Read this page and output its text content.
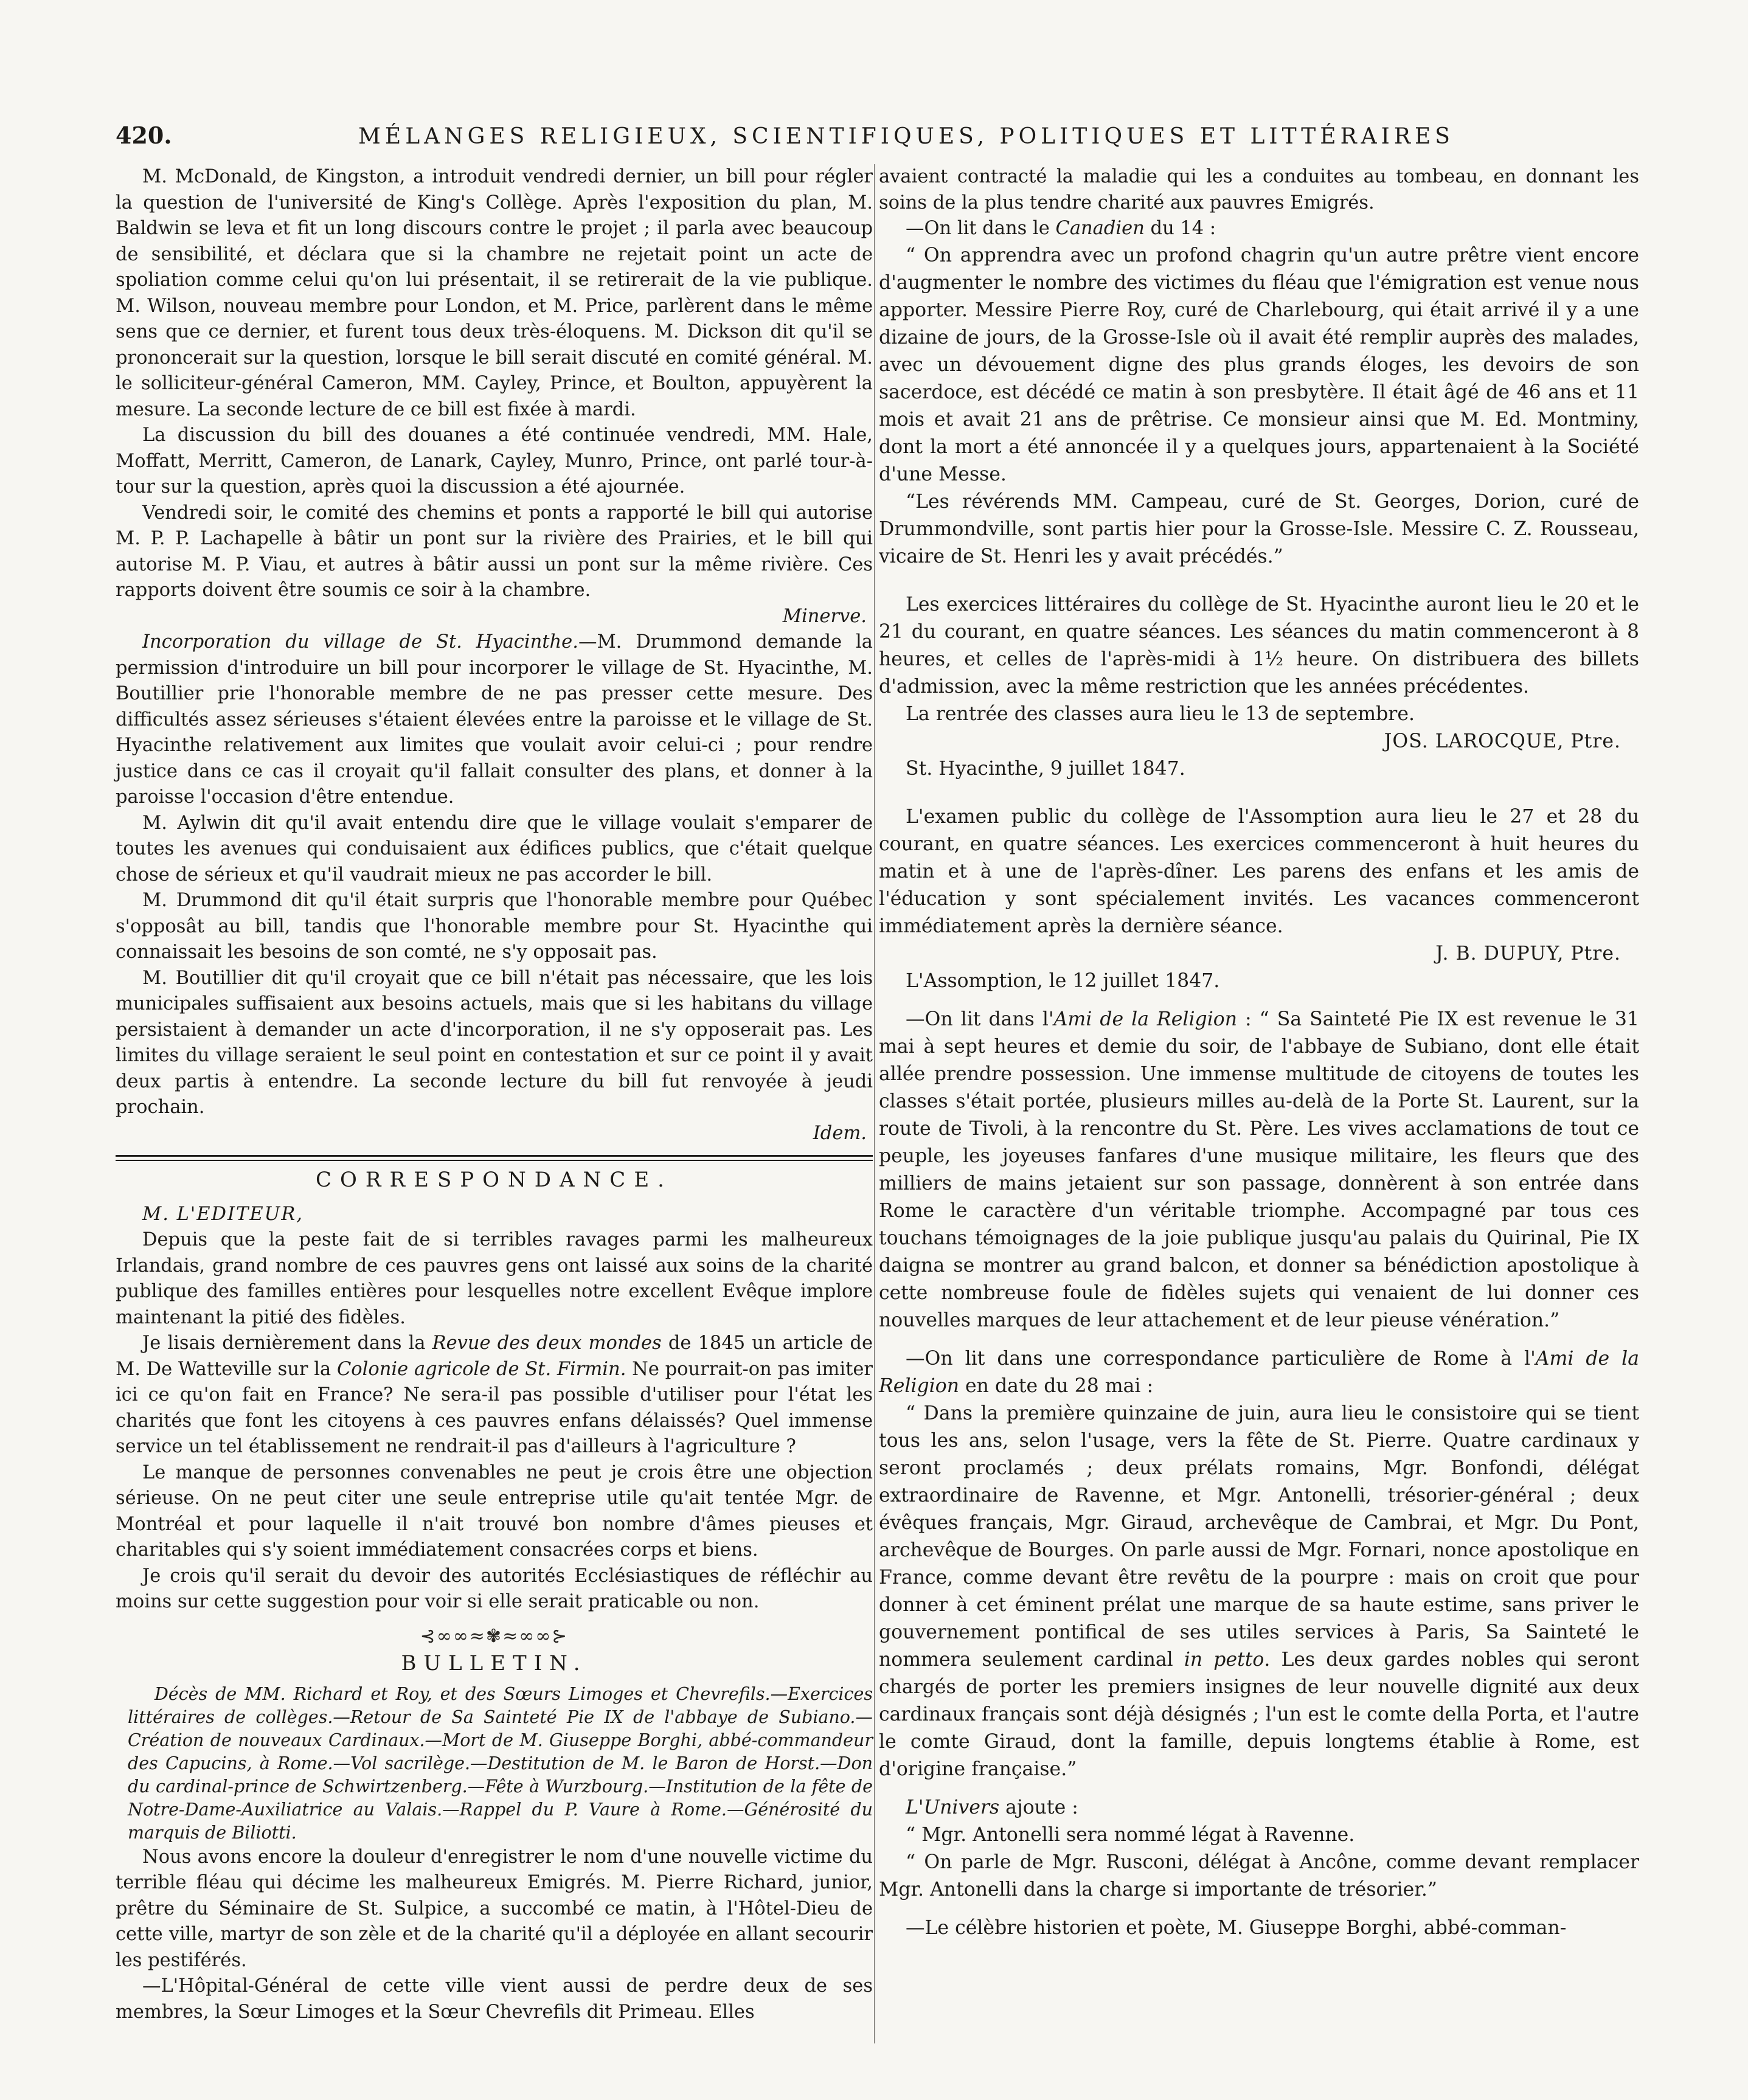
420.	MÉLANGES RELIGIEUX, SCIENTIFIQUES, POLITIQUES ET LITTÉRAIRES

M. McDonald, de Kingston, a introduit vendredi dernier, un bill pour régler la question de l'université de King's Collège. Après l'exposition du plan, M. Baldwin se leva et fit un long discours contre le projet ; il parla avec beaucoup de sensibilité, et déclara que si la chambre ne rejetait point un acte de spoliation comme celui qu'on lui présentait, il se retirerait de la vie publique. M. Wilson, nouveau membre pour London, et M. Price, parlèrent dans le même sens que ce dernier, et furent tous deux très-éloquens. M. Dickson dit qu'il se prononcerait sur la question, lorsque le bill serait discuté en comité général. M. le solliciteur-général Cameron, MM. Cayley, Prince, et Boulton, appuyèrent la mesure. La seconde lecture de ce bill est fixée à mardi.

La discussion du bill des douanes a été continuée vendredi, MM. Hale, Moffatt, Merritt, Cameron, de Lanark, Cayley, Munro, Prince, ont parlé tour-à-tour sur la question, après quoi la discussion a été ajournée.

Vendredi soir, le comité des chemins et ponts a rapporté le bill qui autorise M. P. P. Lachapelle à bâtir un pont sur la rivière des Prairies, et le bill qui autorise M. P. Viau, et autres à bâtir aussi un pont sur la même rivière. Ces rapports doivent être soumis ce soir à la chambre.

Minerve.

Incorporation du village de St. Hyacinthe.—M. Drummond demande la permission d'introduire un bill pour incorporer le village de St. Hyacinthe, M. Boutillier prie l'honorable membre de ne pas presser cette mesure. Des difficultés assez sérieuses s'étaient élevées entre la paroisse et le village de St. Hyacinthe relativement aux limites que voulait avoir celui-ci ; pour rendre justice dans ce cas il croyait qu'il fallait consulter des plans, et donner à la paroisse l'occasion d'être entendue.

M. Aylwin dit qu'il avait entendu dire que le village voulait s'emparer de toutes les avenues qui conduisaient aux édifices publics, que c'était quelque chose de sérieux et qu'il vaudrait mieux ne pas accorder le bill.

M. Drummond dit qu'il était surpris que l'honorable membre pour Québec s'opposât au bill, tandis que l'honorable membre pour St. Hyacinthe qui connaissait les besoins de son comté, ne s'y opposait pas.

M. Boutillier dit qu'il croyait que ce bill n'était pas nécessaire, que les lois municipales suffisaient aux besoins actuels, mais que si les habitans du village persistaient à demander un acte d'incorporation, il ne s'y opposerait pas. Les limites du village seraient le seul point en contestation et sur ce point il y avait deux partis à entendre. La seconde lecture du bill fut renvoyée à jeudi prochain.

Idem.

CORRESPONDANCE.

M. L'EDITEUR,

Depuis que la peste fait de si terribles ravages parmi les malheureux Irlandais, grand nombre de ces pauvres gens ont laissé aux soins de la charité publique des familles entières pour lesquelles notre excellent Evêque implore maintenant la pitié des fidèles.

Je lisais dernièrement dans la Revue des deux mondes de 1845 un article de M. De Watteville sur la Colonie agricole de St. Firmin. Ne pourrait-on pas imiter ici ce qu'on fait en France? Ne sera-il pas possible d'utiliser pour l'état les charités que font les citoyens à ces pauvres enfans délaissés? Quel immense service un tel établissement ne rendrait-il pas d'ailleurs à l'agriculture ?

Le manque de personnes convenables ne peut je crois être une objection sérieuse. On ne peut citer une seule entreprise utile qu'ait tentée Mgr. de Montréal et pour laquelle il n'ait trouvé bon nombre d'âmes pieuses et charitables qui s'y soient immédiatement consacrées corps et biens.

Je crois qu'il serait du devoir des autorités Ecclésiastiques de réfléchir au moins sur cette suggestion pour voir si elle serait praticable ou non.

⊰∞∞≈✾≈∞∞⊱
BULLETIN.

Décès de MM. Richard et Roy, et des Sœurs Limoges et Chevrefils.—Exercices littéraires de collèges.—Retour de Sa Sainteté Pie IX de l'abbaye de Subiano.—Création de nouveaux Cardinaux.—Mort de M. Giuseppe Borghi, abbé-commandeur des Capucins, à Rome.—Vol sacrilège.—Destitution de M. le Baron de Horst.—Don du cardinal-prince de Schwirtzenberg.—Fête à Wurzbourg.—Institution de la fête de Notre-Dame-Auxiliatrice au Valais.—Rappel du P. Vaure à Rome.—Générosité du marquis de Biliotti.

Nous avons encore la douleur d'enregistrer le nom d'une nouvelle victime du terrible fléau qui décime les malheureux Emigrés. M. Pierre Richard, junior, prêtre du Séminaire de St. Sulpice, a succombé ce matin, à l'Hôtel-Dieu de cette ville, martyr de son zèle et de la charité qu'il a déployée en allant secourir les pestiférés.

—L'Hôpital-Général de cette ville vient aussi de perdre deux de ses membres, la Sœur Limoges et la Sœur Chevrefils dit Primeau. Elles

avaient contracté la maladie qui les a conduites au tombeau, en donnant les soins de la plus tendre charité aux pauvres Emigrés.

—On lit dans le Canadien du 14 :

“ On apprendra avec un profond chagrin qu'un autre prêtre vient encore d'augmenter le nombre des victimes du fléau que l'émigration est venue nous apporter. Messire Pierre Roy, curé de Charlebourg, qui était arrivé il y a une dizaine de jours, de la Grosse-Isle où il avait été remplir auprès des malades, avec un dévouement digne des plus grands éloges, les devoirs de son sacerdoce, est décédé ce matin à son presbytère. Il était âgé de 46 ans et 11 mois et avait 21 ans de prêtrise. Ce monsieur ainsi que M. Ed. Montminy, dont la mort a été annoncée il y a quelques jours, appartenaient à la Société d'une Messe.

“Les révérends MM. Campeau, curé de St. Georges, Dorion, curé de Drummondville, sont partis hier pour la Grosse-Isle. Messire C. Z. Rousseau, vicaire de St. Henri les y avait précédés.”

Les exercices littéraires du collège de St. Hyacinthe auront lieu le 20 et le 21 du courant, en quatre séances. Les séances du matin commenceront à 8 heures, et celles de l'après-midi à 1½ heure. On distribuera des billets d'admission, avec la même restriction que les années précédentes.

La rentrée des classes aura lieu le 13 de septembre.

JOS. LAROCQUE, Ptre.

St. Hyacinthe, 9 juillet 1847.

L'examen public du collège de l'Assomption aura lieu le 27 et 28 du courant, en quatre séances. Les exercices commenceront à huit heures du matin et à une de l'après-dîner. Les parens des enfans et les amis de l'éducation y sont spécialement invités. Les vacances commenceront immédiatement après la dernière séance.

J. B. DUPUY, Ptre.

L'Assomption, le 12 juillet 1847.

—On lit dans l'Ami de la Religion : “ Sa Sainteté Pie IX est revenue le 31 mai à sept heures et demie du soir, de l'abbaye de Subiano, dont elle était allée prendre possession. Une immense multitude de citoyens de toutes les classes s'était portée, plusieurs milles au-delà de la Porte St. Laurent, sur la route de Tivoli, à la rencontre du St. Père. Les vives acclamations de tout ce peuple, les joyeuses fanfares d'une musique militaire, les fleurs que des milliers de mains jetaient sur son passage, donnèrent à son entrée dans Rome le caractère d'un véritable triomphe. Accompagné par tous ces touchans témoignages de la joie publique jusqu'au palais du Quirinal, Pie IX daigna se montrer au grand balcon, et donner sa bénédiction apostolique à cette nombreuse foule de fidèles sujets qui venaient de lui donner ces nouvelles marques de leur attachement et de leur pieuse vénération.”

—On lit dans une correspondance particulière de Rome à l'Ami de la Religion en date du 28 mai :

“ Dans la première quinzaine de juin, aura lieu le consistoire qui se tient tous les ans, selon l'usage, vers la fête de St. Pierre. Quatre cardinaux y seront proclamés ; deux prélats romains, Mgr. Bonfondi, délégat extraordinaire de Ravenne, et Mgr. Antonelli, trésorier-général ; deux évêques français, Mgr. Giraud, archevêque de Cambrai, et Mgr. Du Pont, archevêque de Bourges. On parle aussi de Mgr. Fornari, nonce apostolique en France, comme devant être revêtu de la pourpre : mais on croit que pour donner à cet éminent prélat une marque de sa haute estime, sans priver le gouvernement pontifical de ses utiles services à Paris, Sa Sainteté le nommera seulement cardinal in petto. Les deux gardes nobles qui seront chargés de porter les premiers insignes de leur nouvelle dignité aux deux cardinaux français sont déjà désignés ; l'un est le comte della Porta, et l'autre le comte Giraud, dont la famille, depuis longtems établie à Rome, est d'origine française.”

L'Univers ajoute :

“ Mgr. Antonelli sera nommé légat à Ravenne.

“ On parle de Mgr. Rusconi, délégat à Ancône, comme devant remplacer Mgr. Antonelli dans la charge si importante de trésorier.”

—Le célèbre historien et poète, M. Giuseppe Borghi, abbé-comman-
